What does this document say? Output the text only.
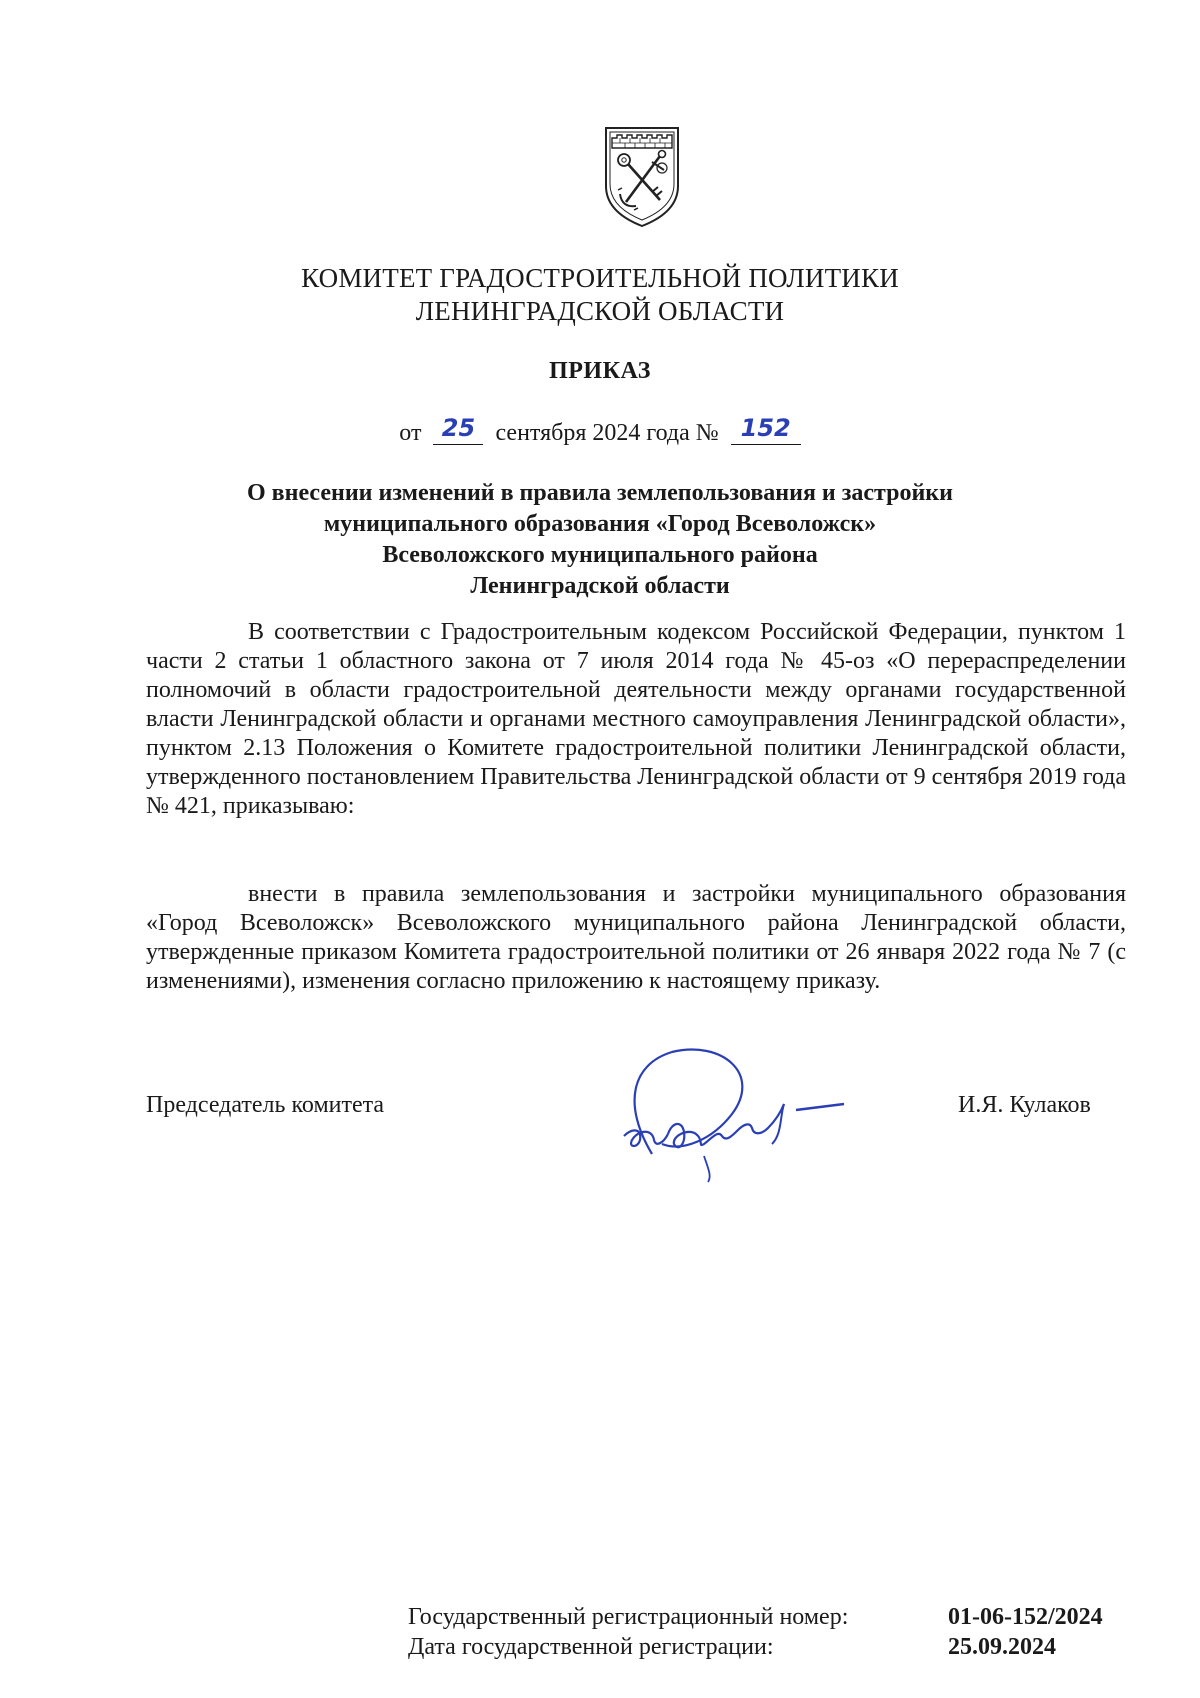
КОМИТЕТ ГРАДОСТРОИТЕЛЬНОЙ ПОЛИТИКИ
ЛЕНИНГРАДСКОЙ ОБЛАСТИ
ПРИКАЗ
от 25 сентября 2024 года № 152
О внесении изменений в правила землепользования и застройки
муниципального образования «Город Всеволожск»
Всеволожского муниципального района
Ленинградской области

В соответствии с Градостроительным кодексом Российской Федерации, пунктом 1 части 2 статьи 1 областного закона от 7 июля 2014 года № 45-оз «О перераспределении полномочий в области градостроительной деятельности между органами государственной власти Ленинградской области и органами местного самоуправления Ленинградской области», пунктом 2.13 Положения о Комитете градостроительной политики Ленинградской области, утвержденного постановлением Правительства Ленинградской области от 9 сентября 2019 года № 421, приказываю:

внести в правила землепользования и застройки муниципального образования «Город Всеволожск» Всеволожского муниципального района Ленинградской области, утвержденные приказом Комитета градостроительной политики от 26 января 2022 года № 7 (с изменениями), изменения согласно приложению к настоящему приказу.

Председатель комитета	И.Я. Кулаков
Государственный регистрационный номер:
Дата государственной регистрации:
01-06-152/2024
25.09.2024
